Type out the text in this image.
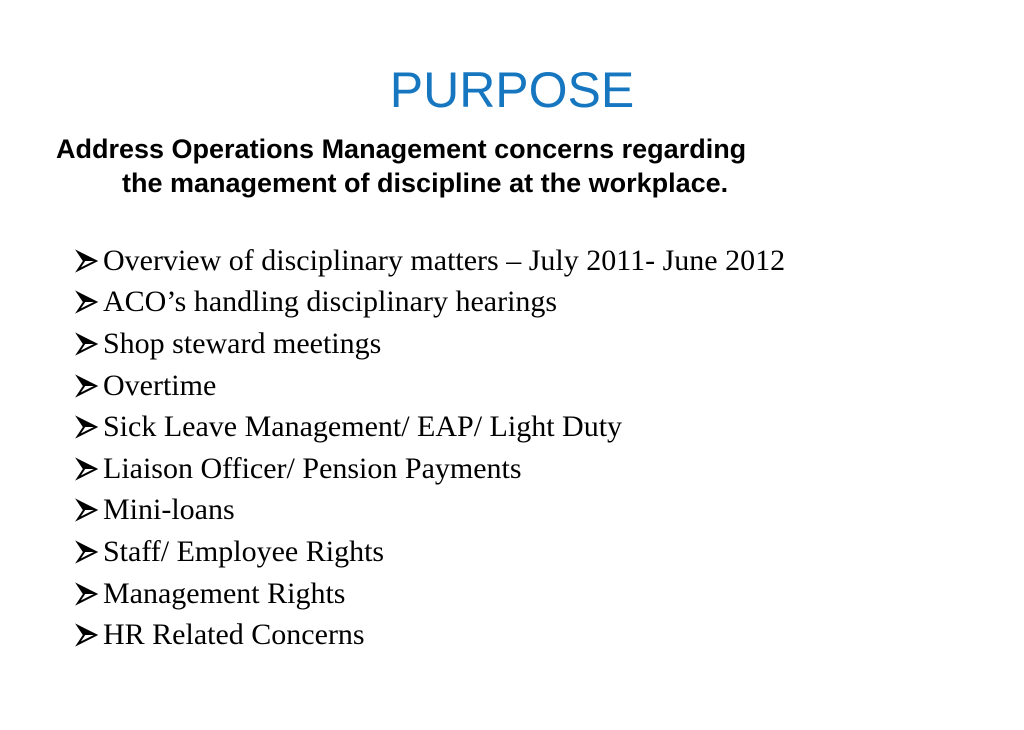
PURPOSE
Address Operations Management concerns regarding
the management of discipline at the workplace.
Overview of disciplinary matters – July 2011- June 2012
ACO’s handling disciplinary hearings
Shop steward meetings
Overtime
Sick Leave Management/ EAP/ Light Duty
Liaison Officer/ Pension Payments
Mini-loans
Staff/ Employee Rights
Management Rights
HR Related Concerns
